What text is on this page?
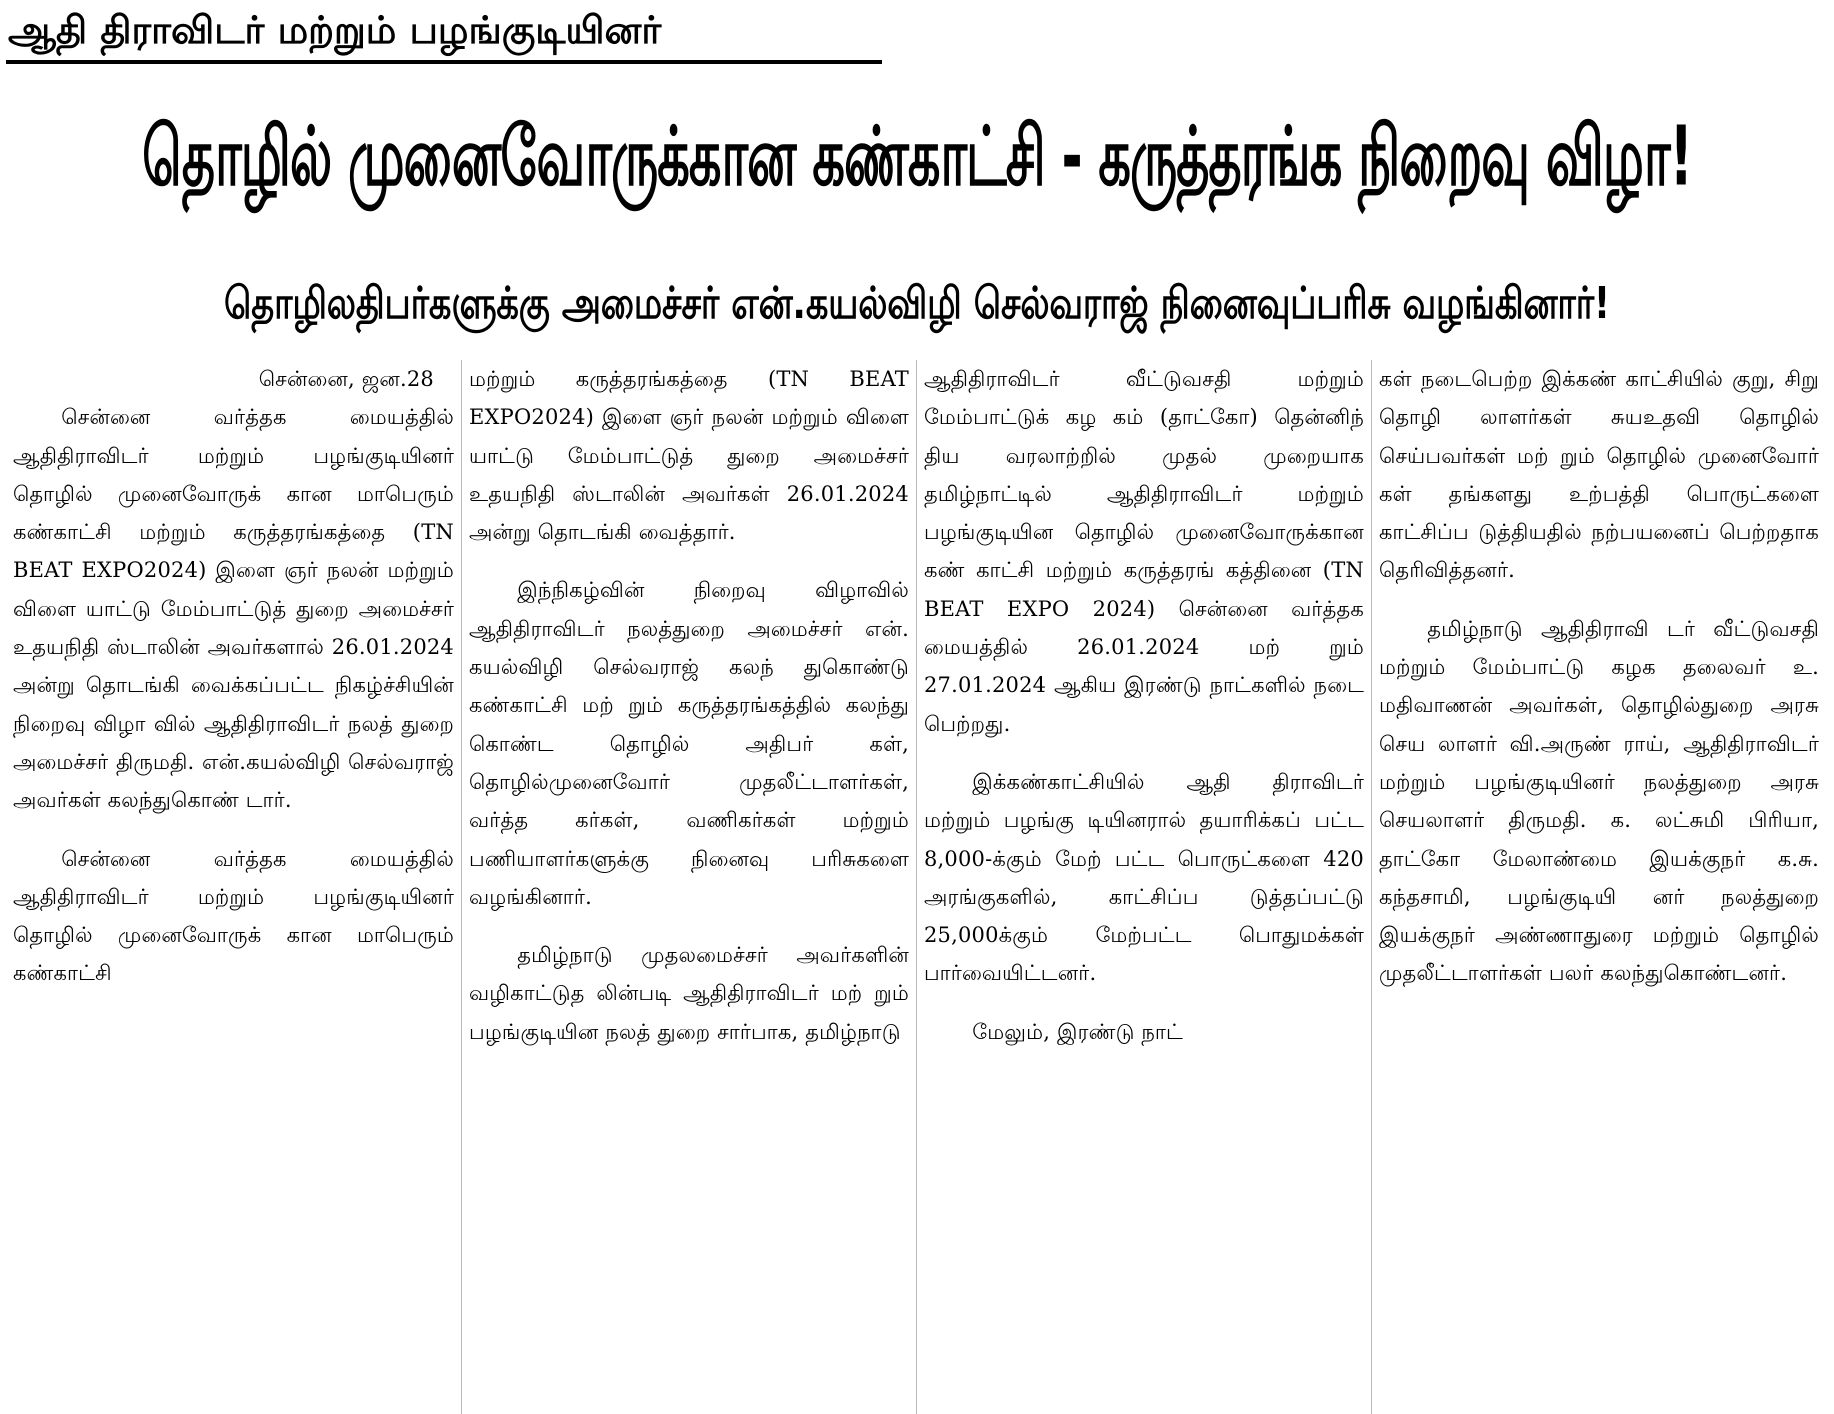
ஆதி திராவிடர் மற்றும் பழங்குடியினர்
தொழில் முனைவோருக்கான கண்காட்சி - கருத்தரங்க நிறைவு விழா!
தொழிலதிபர்களுக்கு அமைச்சர் என்.கயல்விழி செல்வராஜ் நினைவுப்பரிசு வழங்கினார்!

சென்னை, ஜன.28

சென்னை வர்த்தக மையத்தில் ஆதிதிராவிடர் மற்றும் பழங்குடியினர் தொழில் முனைவோருக் கான மாபெரும் கண்காட்சி மற்றும் கருத்தரங்கத்தை (TN BEAT EXPO2024) இளை ஞர் நலன் மற்றும் விளை யாட்டு மேம்பாட்டுத் துறை அமைச்சர் உதயநிதி ஸ்டாலின் அவர்களால் 26.01.2024 அன்று தொடங்கி வைக்கப்பட்ட நிகழ்ச்சியின் நிறைவு விழா வில் ஆதிதிராவிடர் நலத் துறை அமைச்சர் திருமதி. என்.கயல்விழி செல்வராஜ் அவர்கள் கலந்துகொண் டார்.

சென்னை வர்த்தக மையத்தில் ஆதிதிராவிடர் மற்றும் பழங்குடியினர் தொழில் முனைவோருக் கான மாபெரும் கண்காட்சி

மற்றும் கருத்தரங்கத்தை (TN BEAT EXPO2024) இளை ஞர் நலன் மற்றும் விளை யாட்டு மேம்பாட்டுத் துறை அமைச்சர் உதயநிதி ஸ்டாலின் அவர்கள் 26.01.2024 அன்று தொடங்கி வைத்தார்.

இந்நிகழ்வின் நிறைவு விழாவில் ஆதிதிராவிடர் நலத்துறை அமைச்சர் என். கயல்விழி செல்வராஜ் கலந் துகொண்டு கண்காட்சி மற் றும் கருத்தரங்கத்தில் கலந்து கொண்ட தொழில் அதிபர் கள், தொழில்முனைவோர் முதலீட்டாளர்கள், வர்த்த கர்கள், வணிகர்கள் மற்றும் பணியாளர்களுக்கு நினைவு பரிசுகளை வழங்கினார்.

தமிழ்நாடு முதலமைச்சர் அவர்களின் வழிகாட்டுத லின்படி ஆதிதிராவிடர் மற் றும் பழங்குடியின நலத் துறை சார்பாக, தமிழ்நாடு

ஆதிதிராவிடர் வீட்டுவசதி மற்றும் மேம்பாட்டுக் கழ கம் (தாட்கோ) தென்னிந் திய வரலாற்றில் முதல் முறையாக தமிழ்நாட்டில் ஆதிதிராவிடர் மற்றும் பழங்குடியின தொழில் முனைவோருக்கான கண் காட்சி மற்றும் கருத்தரங் கத்தினை (TN BEAT EXPO 2024) சென்னை வர்த்தக மையத்தில் 26.01.2024 மற் றும் 27.01.2024 ஆகிய இரண்டு நாட்களில் நடை பெற்றது.

இக்கண்காட்சியில் ஆதி திராவிடர் மற்றும் பழங்கு டியினரால் தயாரிக்கப் பட்ட 8,000-க்கும் மேற் பட்ட பொருட்களை 420 அரங்குகளில், காட்சிப்ப டுத்தப்பட்டு 25,000க்கும் மேற்பட்ட பொதுமக்கள் பார்வையிட்டனர்.

மேலும், இரண்டு நாட்

கள் நடைபெற்ற இக்கண் காட்சியில் குறு, சிறு தொழி லாளர்கள் சுயஉதவி தொழில் செய்பவர்கள் மற் றும் தொழில் முனைவோர் கள் தங்களது உற்பத்தி பொருட்களை காட்சிப்ப டுத்தியதில் நற்பயனைப் பெற்றதாக தெரிவித்தனர்.

தமிழ்நாடு ஆதிதிராவி டர் வீட்டுவசதி மற்றும் மேம்பாட்டு கழக தலைவர் உ. மதிவாணன் அவர்கள், தொழில்துறை அரசு செய லாளர் வி.அருண் ராய், ஆதிதிராவிடர் மற்றும் பழங்குடியினர் நலத்துறை அரசு செயலாளர் திருமதி. க. லட்சுமி பிரியா, தாட்கோ மேலாண்மை இயக்குநர் க.சு. கந்தசாமி, பழங்குடியி னர் நலத்துறை இயக்குநர் அண்ணாதுரை மற்றும் தொழில் முதலீட்டாளர்கள் பலர் கலந்துகொண்டனர்.
